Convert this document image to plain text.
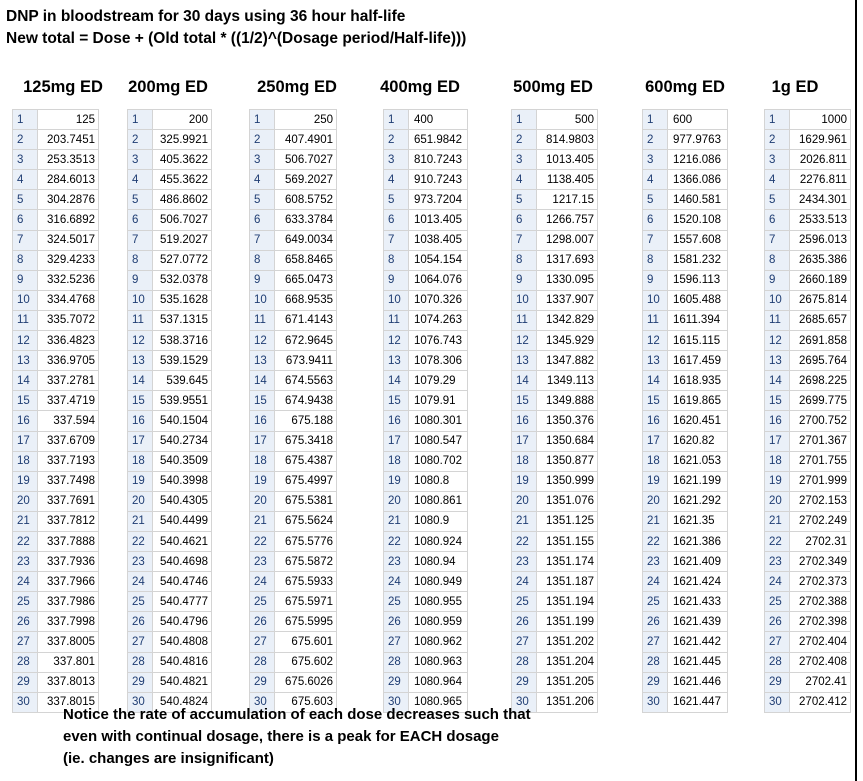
DNP in bloodstream for 30 days using 36 hour half-life
New total = Dose + (Old total * ((1/2)^(Dosage period/Half-life)))
125mg ED 200mg ED	250mg ED	400mg ED	500mg ED	600mg ED	1g ED
1	125
2	203.7451
3	253.3513
4	284.6013
5	304.2876
6	316.6892
7	324.5017
8	329.4233
9	332.5236
10	334.4768
11	335.7072
12	336.4823
13	336.9705
14	337.2781
15	337.4719
16	337.594
17	337.6709
18	337.7193
19	337.7498
20	337.7691
21	337.7812
22	337.7888
23	337.7936
24	337.7966
25	337.7986
26	337.7998
27	337.8005
28	337.801
29	337.8013
30	337.8015
1	200
2	325.9921
3	405.3622
4	455.3622
5	486.8602
6	506.7027
7	519.2027
8	527.0772
9	532.0378
10	535.1628
11	537.1315
12	538.3716
13	539.1529
14	539.645
15	539.9551
16	540.1504
17	540.2734
18	540.3509
19	540.3998
20	540.4305
21	540.4499
22	540.4621
23	540.4698
24	540.4746
25	540.4777
26	540.4796
27	540.4808
28	540.4816
29	540.4821
30	540.4824
1	250
2	407.4901
3	506.7027
4	569.2027
5	608.5752
6	633.3784
7	649.0034
8	658.8465
9	665.0473
10	668.9535
11	671.4143
12	672.9645
13	673.9411
14	674.5563
15	674.9438
16	675.188
17	675.3418
18	675.4387
19	675.4997
20	675.5381
21	675.5624
22	675.5776
23	675.5872
24	675.5933
25	675.5971
26	675.5995
27	675.601
28	675.602
29	675.6026
30	675.603
1	400
2	651.9842
3	810.7243
4	910.7243
5	973.7204
6	1013.405
7	1038.405
8	1054.154
9	1064.076
10	1070.326
11	1074.263
12	1076.743
13	1078.306
14	1079.29
15	1079.91
16	1080.301
17	1080.547
18	1080.702
19	1080.8
20	1080.861
21	1080.9
22	1080.924
23	1080.94
24	1080.949
25	1080.955
26	1080.959
27	1080.962
28	1080.963
29	1080.964
30	1080.965
1	500
2	814.9803
3	1013.405
4	1138.405
5	1217.15
6	1266.757
7	1298.007
8	1317.693
9	1330.095
10	1337.907
11	1342.829
12	1345.929
13	1347.882
14	1349.113
15	1349.888
16	1350.376
17	1350.684
18	1350.877
19	1350.999
20	1351.076
21	1351.125
22	1351.155
23	1351.174
24	1351.187
25	1351.194
26	1351.199
27	1351.202
28	1351.204
29	1351.205
30	1351.206
1	600
2	977.9763
3	1216.086
4	1366.086
5	1460.581
6	1520.108
7	1557.608
8	1581.232
9	1596.113
10	1605.488
11	1611.394
12	1615.115
13	1617.459
14	1618.935
15	1619.865
16	1620.451
17	1620.82
18	1621.053
19	1621.199
20	1621.292
21	1621.35
22	1621.386
23	1621.409
24	1621.424
25	1621.433
26	1621.439
27	1621.442
28	1621.445
29	1621.446
30	1621.447
1	1000
2	1629.961
3	2026.811
4	2276.811
5	2434.301
6	2533.513
7	2596.013
8	2635.386
9	2660.189
10	2675.814
11	2685.657
12	2691.858
13	2695.764
14	2698.225
15	2699.775
16	2700.752
17	2701.367
18	2701.755
19	2701.999
20	2702.153
21	2702.249
22	2702.31
23	2702.349
24	2702.373
25	2702.388
26	2702.398
27	2702.404
28	2702.408
29	2702.41
30	2702.412
Notice the rate of accumulation of each dose decreases such that
even with continual dosage, there is a peak for EACH dosage
(ie. changes are insignificant)
